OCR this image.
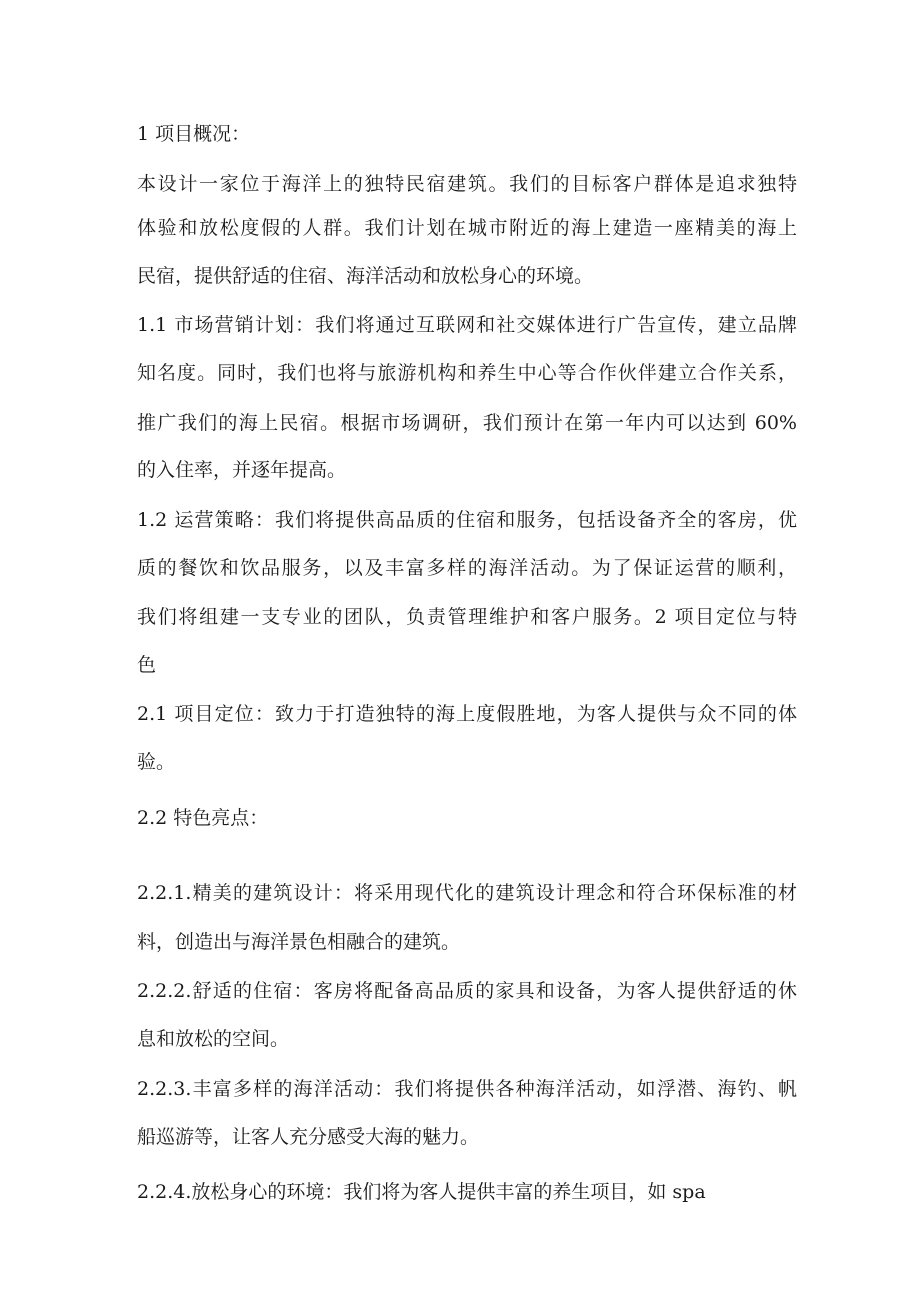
1 项目概况：
本设计一家位于海洋上的独特民宿建筑。我们的目标客户群体是追求独特
体验和放松度假的人群。我们计划在城市附近的海上建造一座精美的海上
民宿，提供舒适的住宿、海洋活动和放松身心的环境。
1.1 市场营销计划：我们将通过互联网和社交媒体进行广告宣传，建立品牌
知名度。同时，我们也将与旅游机构和养生中心等合作伙伴建立合作关系，
推广我们的海上民宿。根据市场调研，我们预计在第一年内可以达到 60%
的入住率，并逐年提高。
1.2 运营策略：我们将提供高品质的住宿和服务，包括设备齐全的客房，优
质的餐饮和饮品服务，以及丰富多样的海洋活动。为了保证运营的顺利，
我们将组建一支专业的团队，负责管理维护和客户服务。2 项目定位与特
色
2.1 项目定位：致力于打造独特的海上度假胜地，为客人提供与众不同的体
验。
2.2 特色亮点：
2.2.1.精美的建筑设计：将采用现代化的建筑设计理念和符合环保标准的材
料，创造出与海洋景色相融合的建筑。
2.2.2.舒适的住宿：客房将配备高品质的家具和设备，为客人提供舒适的休
息和放松的空间。
2.2.3.丰富多样的海洋活动：我们将提供各种海洋活动，如浮潜、海钓、帆
船巡游等，让客人充分感受大海的魅力。
2.2.4.放松身心的环境：我们将为客人提供丰富的养生项目，如 spa
